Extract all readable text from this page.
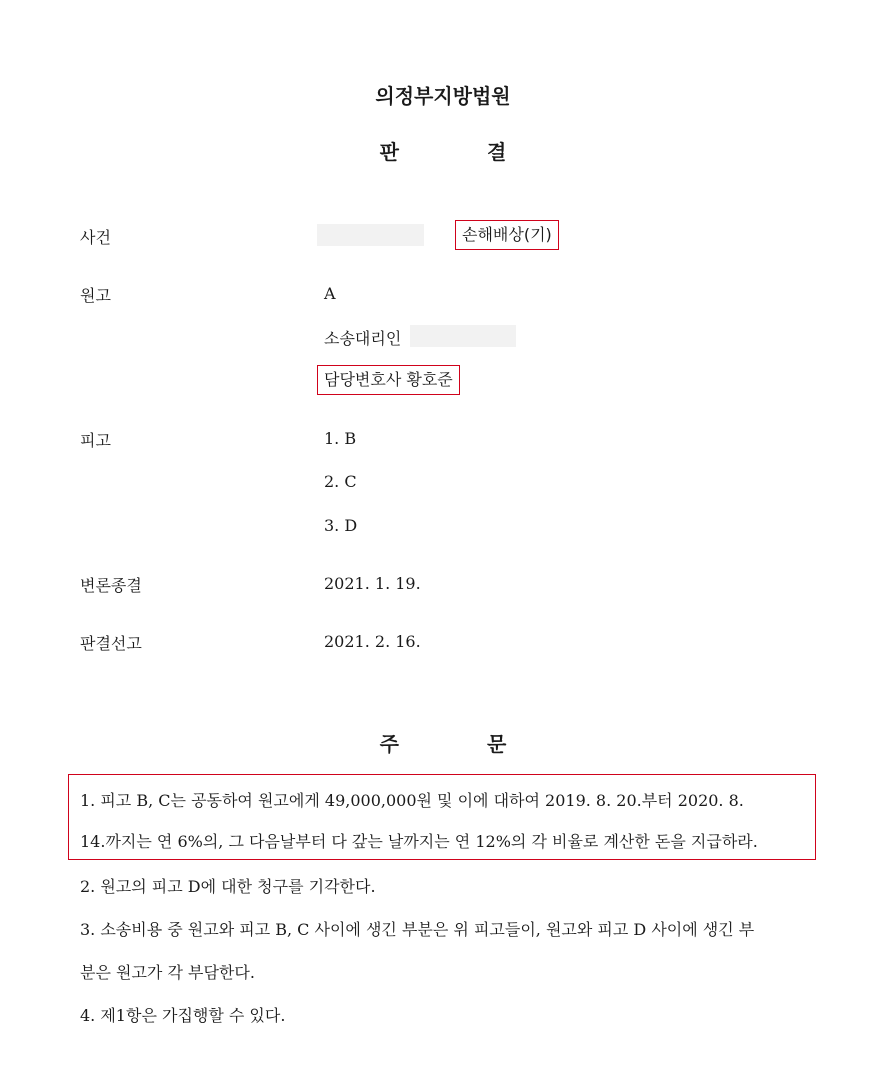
의정부지방법원
판	결
사건	손해배상(기)
원고	A
소송대리인
담당변호사 황호준
피고	1. B
2. C
3. D
변론종결	2021. 1. 19.
판결선고	2021. 2. 16.
주	문
1. 피고 B, C는 공동하여 원고에게 49,000,000원 및 이에 대하여 2019. 8. 20.부터 2020. 8.
14.까지는 연 6%의, 그 다음날부터 다 갚는 날까지는 연 12%의 각 비율로 계산한 돈을 지급하라.
2. 원고의 피고 D에 대한 청구를 기각한다.
3. 소송비용 중 원고와 피고 B, C 사이에 생긴 부분은 위 피고들이, 원고와 피고 D 사이에 생긴 부
분은 원고가 각 부담한다.
4. 제1항은 가집행할 수 있다.
